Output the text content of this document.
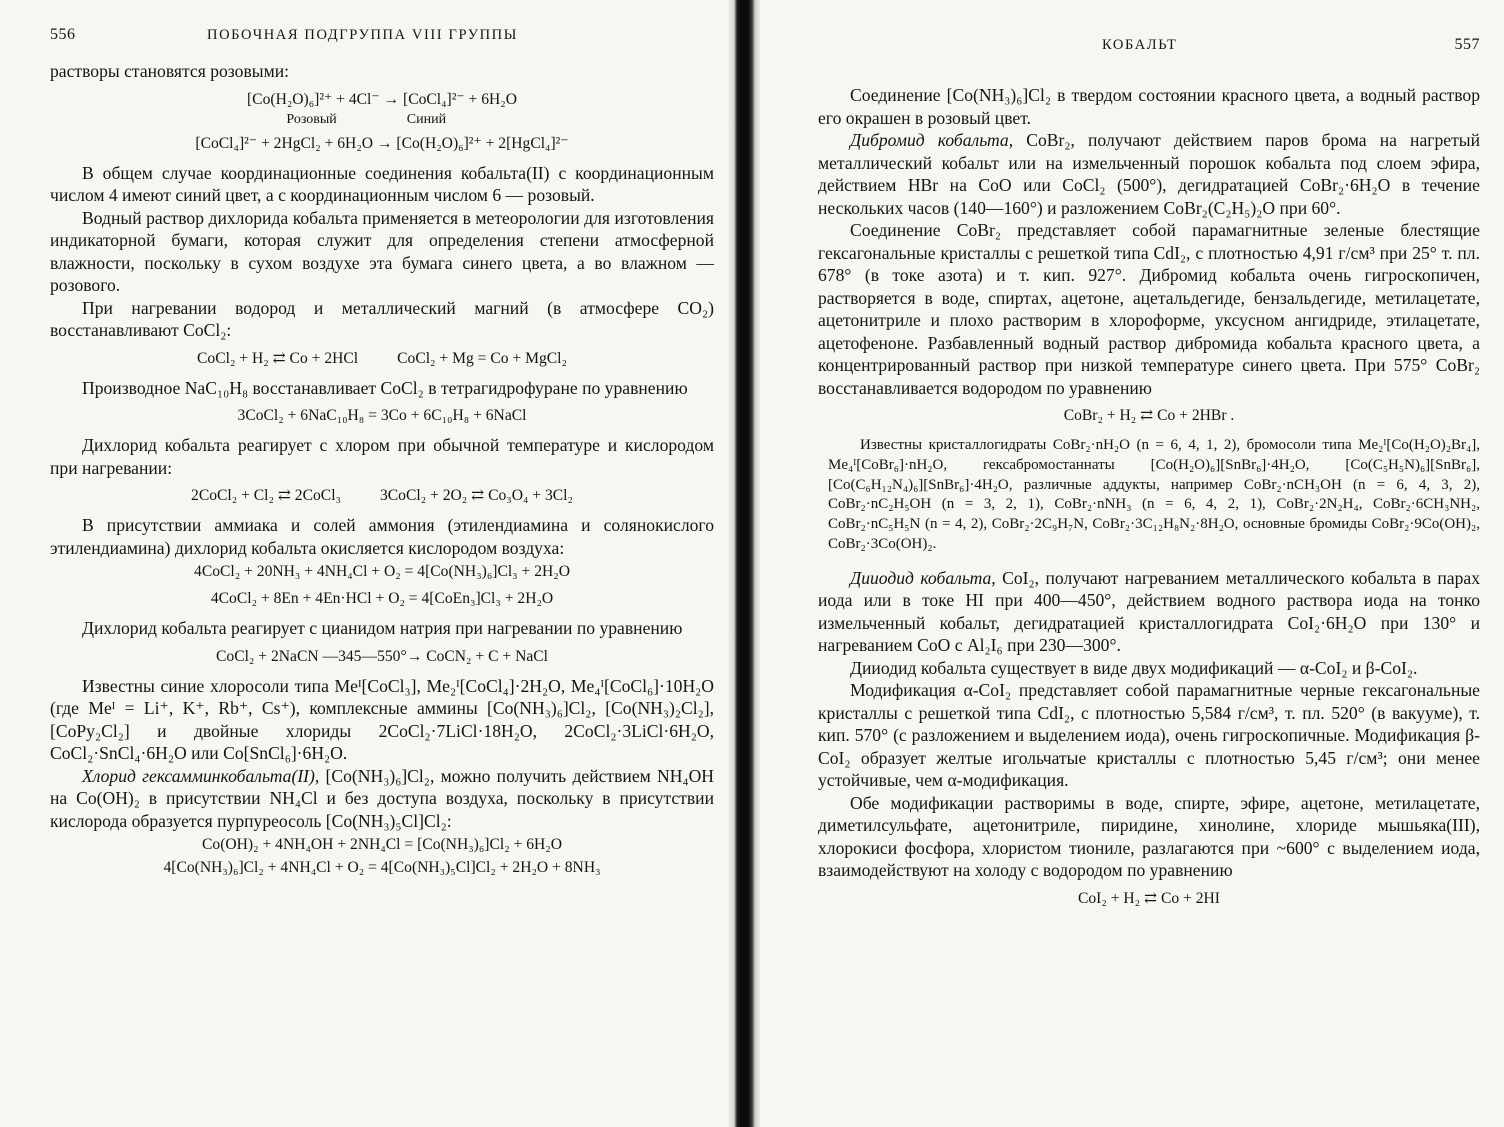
556	ПОБОЧНАЯ ПОДГРУППА VIII ГРУППЫ

растворы становятся розовыми:

[Co(H₂O)₆]²⁺ + 4Cl⁻ → [CoCl₄]²⁻ + 6H₂O
Розовый                    Синий
[CoCl₄]²⁻ + 2HgCl₂ + 6H₂O → [Co(H₂O)₆]²⁺ + 2[HgCl₄]²⁻

В общем случае координационные соединения кобальта(II) с координационным числом 4 имеют синий цвет, а с координационным числом 6 — розовый.

Водный раствор дихлорида кобальта применяется в метеорологии для изготовления индикаторной бумаги, которая служит для определения степени атмосферной влажности, поскольку в сухом воздухе эта бумага синего цвета, а во влажном — розового.

При нагревании водород и металлический магний (в атмосфере CO₂) восстанавливают CoCl₂:

CoCl₂ + H₂ ⇄ Co + 2HCl          CoCl₂ + Mg = Co + MgCl₂

Производное NaC₁₀H₈ восстанавливает CoCl₂ в тетрагидрофуране по уравнению

3CoCl₂ + 6NaC₁₀H₈ = 3Co + 6C₁₀H₈ + 6NaCl

Дихлорид кобальта реагирует с хлором при обычной температуре и кислородом при нагревании:

2CoCl₂ + Cl₂ ⇄ 2CoCl₃          3CoCl₂ + 2O₂ ⇄ Co₃O₄ + 3Cl₂

В присутствии аммиака и солей аммония (этилендиамина и солянокислого этилендиамина) дихлорид кобальта окисляется кислородом воздуха:

4CoCl₂ + 20NH₃ + 4NH₄Cl + O₂ = 4[Co(NH₃)₆]Cl₃ + 2H₂O
4CoCl₂ + 8En + 4En·HCl + O₂ = 4[CoEn₃]Cl₃ + 2H₂O

Дихлорид кобальта реагирует с цианидом натрия при нагревании по уравнению

CoCl₂ + 2NaCN —345—550°→ CoCN₂ + C + NaCl

Известны синие хлоросоли типа Meᴵ[CoCl₃], Me₂ᴵ[CoCl₄]·2H₂O, Me₄ᴵ[CoCl₆]·10H₂O (где Meᴵ = Li⁺, K⁺, Rb⁺, Cs⁺), комплексные аммины [Co(NH₃)₆]Cl₂, [Co(NH₃)₂Cl₂], [CoPy₂Cl₂] и двойные хлориды 2CoCl₂·7LiCl·18H₂O, 2CoCl₂·3LiCl·6H₂O, CoCl₂·SnCl₄·6H₂O или Co[SnCl₆]·6H₂O.

Хлорид гексамминкобальта(II), [Co(NH₃)₆]Cl₂, можно получить действием NH₄OH на Co(OH)₂ в присутствии NH₄Cl и без доступа воздуха, поскольку в присутствии кислорода образуется пурпуреосоль [Co(NH₃)₅Cl]Cl₂:

Co(OH)₂ + 4NH₄OH + 2NH₄Cl = [Co(NH₃)₆]Cl₂ + 6H₂O
4[Co(NH₃)₆]Cl₂ + 4NH₄Cl + O₂ = 4[Co(NH₃)₅Cl]Cl₂ + 2H₂O + 8NH₃
КОБАЛЬТ	557

Соединение [Co(NH₃)₆]Cl₂ в твердом состоянии красного цвета, а водный раствор его окрашен в розовый цвет.

Дибромид кобальта, CoBr₂, получают действием паров брома на нагретый металлический кобальт или на измельченный порошок кобальта под слоем эфира, действием HBr на CoO или CoCl₂ (500°), дегидратацией CoBr₂·6H₂O в течение нескольких часов (140—160°) и разложением CoBr₂(C₂H₅)₂O при 60°.

Соединение CoBr₂ представляет собой парамагнитные зеленые блестящие гексагональные кристаллы с решеткой типа CdI₂, с плотностью 4,91 г/см³ при 25° т. пл. 678° (в токе азота) и т. кип. 927°. Дибромид кобальта очень гигроскопичен, растворяется в воде, спиртах, ацетоне, ацетальдегиде, бензальдегиде, метилацетате, ацетонитриле и плохо растворим в хлороформе, уксусном ангидриде, этилацетате, ацетофеноне. Разбавленный водный раствор дибромида кобальта красного цвета, а концентрированный раствор при низкой температуре синего цвета. При 575° CoBr₂ восстанавливается водородом по уравнению

CoBr₂ + H₂ ⇄ Co + 2HBr .

Известны кристаллогидраты CoBr₂·nH₂O (n = 6, 4, 1, 2), бромосоли типа Me₂ᴵ[Co(H₂O)₂Br₄], Me₄ᴵ[CoBr₆]·nH₂O, гексабромостаннаты [Co(H₂O)₆][SnBr₆]·4H₂O, [Co(C₅H₅N)₆][SnBr₆], [Co(C₆H₁₂N₄)₆][SnBr₆]·4H₂O, различные аддукты, например CoBr₂·nCH₃OH (n = 6, 4, 3, 2), CoBr₂·nC₂H₅OH (n = 3, 2, 1), CoBr₂·nNH₃ (n = 6, 4, 2, 1), CoBr₂·2N₂H₄, CoBr₂·6CH₃NH₂, CoBr₂·nC₅H₅N (n = 4, 2), CoBr₂·2C₉H₇N, CoBr₂·3C₁₂H₈N₂·8H₂O, основные бромиды CoBr₂·9Co(OH)₂, CoBr₂·3Co(OH)₂.

Дииодид кобальта, CoI₂, получают нагреванием металлического кобальта в парах иода или в токе HI при 400—450°, действием водного раствора иода на тонко измельченный кобальт, дегидратацией кристаллогидрата CoI₂·6H₂O при 130° и нагреванием CoO с Al₂I₆ при 230—300°.

Дииодид кобальта существует в виде двух модификаций — α-CoI₂ и β-CoI₂.

Модификация α-CoI₂ представляет собой парамагнитные черные гексагональные кристаллы с решеткой типа CdI₂, с плотностью 5,584 г/см³, т. пл. 520° (в вакууме), т. кип. 570° (с разложением и выделением иода), очень гигроскопичные. Модификация β-CoI₂ образует желтые игольчатые кристаллы с плотностью 5,45 г/см³; они менее устойчивые, чем α-модификация.

Обе модификации растворимы в воде, спирте, эфире, ацетоне, метилацетате, диметилсульфате, ацетонитриле, пиридине, хинолине, хлориде мышьяка(III), хлорокиси фосфора, хлористом тиониле, разлагаются при ~600° с выделением иода, взаимодействуют на холоду с водородом по уравнению

CoI₂ + H₂ ⇄ Co + 2HI
